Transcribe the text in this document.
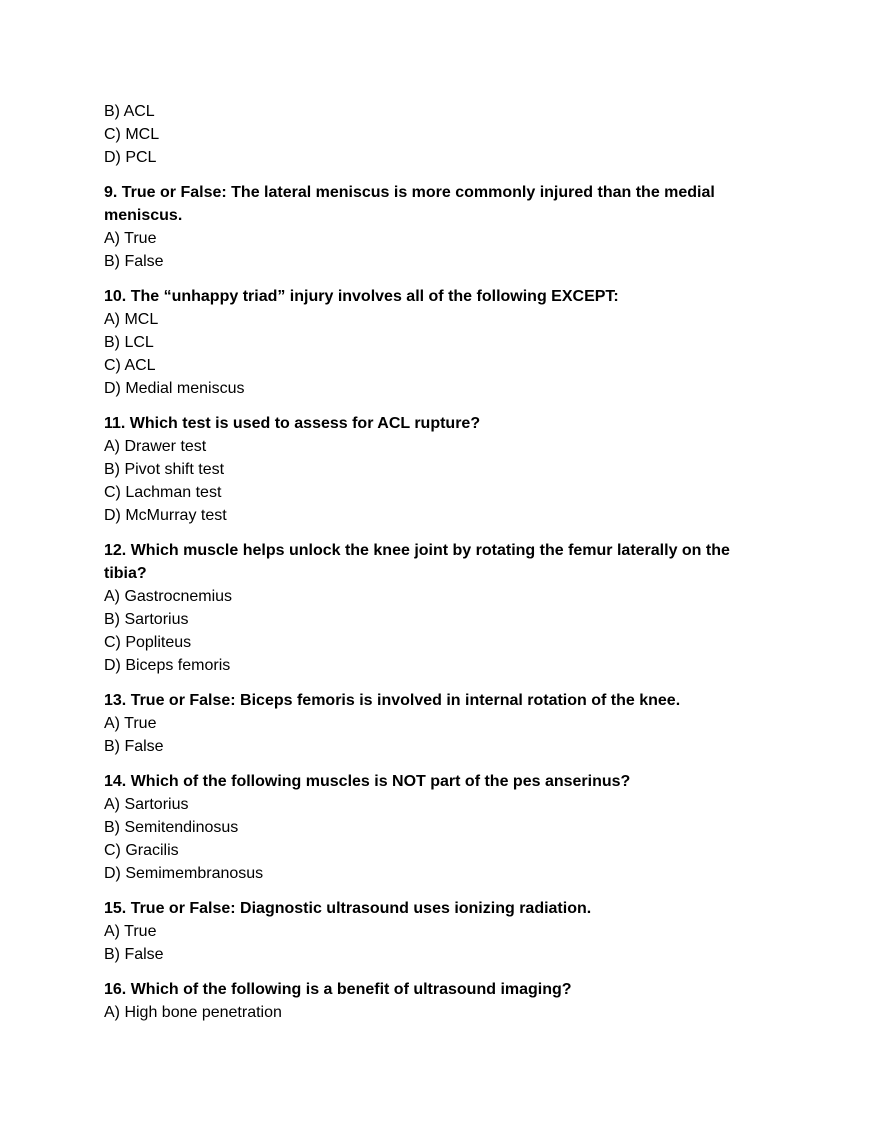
B) ACL

C) MCL

D) PCL

9. True or False: The lateral meniscus is more commonly injured than the medial meniscus.

A) True

B) False

10. The “unhappy triad” injury involves all of the following EXCEPT:

A) MCL

B) LCL

C) ACL

D) Medial meniscus

11. Which test is used to assess for ACL rupture?

A) Drawer test

B) Pivot shift test

C) Lachman test

D) McMurray test

12. Which muscle helps unlock the knee joint by rotating the femur laterally on the tibia?

A) Gastrocnemius

B) Sartorius

C) Popliteus

D) Biceps femoris

13. True or False: Biceps femoris is involved in internal rotation of the knee.

A) True

B) False

14. Which of the following muscles is NOT part of the pes anserinus?

A) Sartorius

B) Semitendinosus

C) Gracilis

D) Semimembranosus

15. True or False: Diagnostic ultrasound uses ionizing radiation.

A) True

B) False

16. Which of the following is a benefit of ultrasound imaging?

A) High bone penetration
